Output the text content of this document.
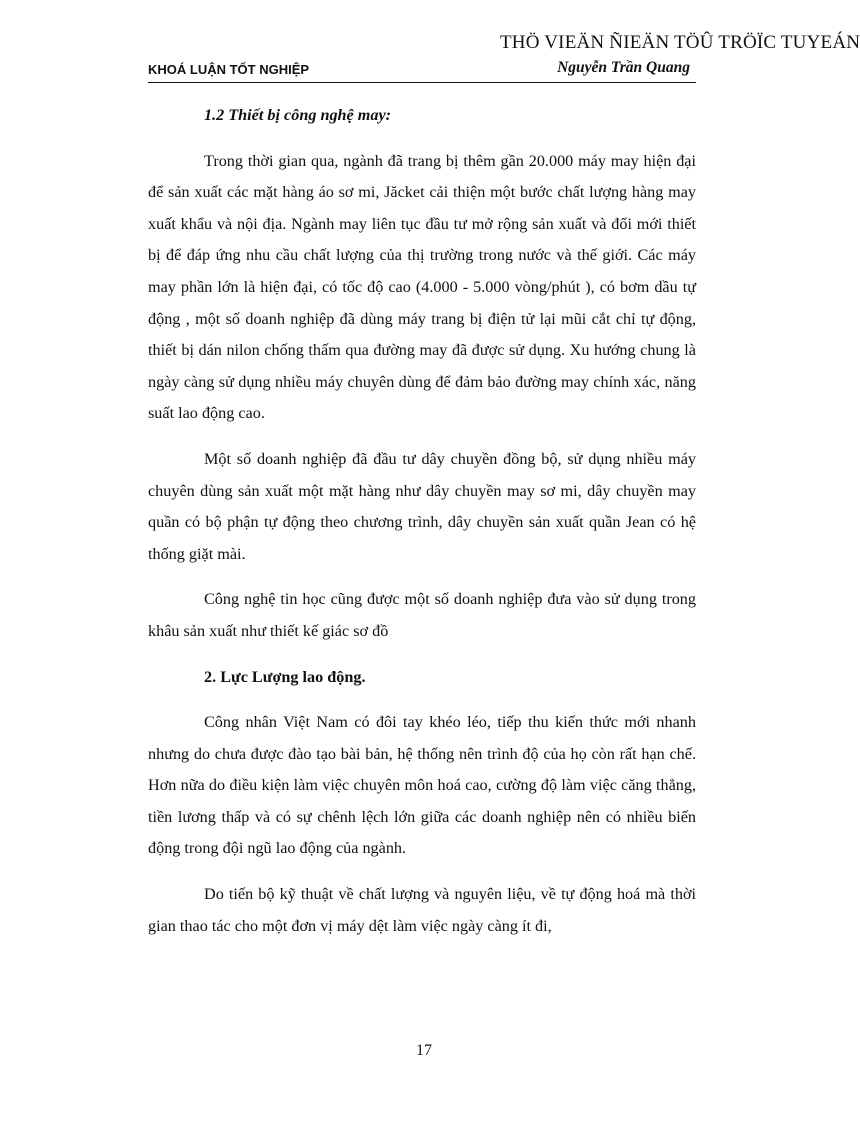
THÖ VIEÄN ÑIEÄN TÖÛ TRÖÏC TUYEÁN
KHOÁ LUẬN TỐT NGHIỆP	Nguyễn Trần Quang
1.2 Thiết bị công nghệ may:

Trong thời gian qua, ngành đã trang bị thêm gần 20.000 máy may hiện đại để sản xuất các mặt hàng áo sơ mi, Jăcket cải thiện một bước chất lượng hàng may xuất khẩu và nội địa. Ngành may liên tục đầu tư mở rộng sản xuất và đổi mới thiết bị để đáp ứng nhu cầu chất lượng của thị trường trong nước và thế giới. Các máy may phần lớn là hiện đại, có tốc độ cao (4.000 - 5.000 vòng/phút ), có bơm dầu tự động , một số doanh nghiệp đã dùng máy trang bị điện tử lại mũi cắt chỉ tự động, thiết bị dán nilon chống thấm qua đường may đã được sử dụng. Xu hướng chung là ngày càng sử dụng nhiều máy chuyên dùng để đảm bảo đường may chính xác, năng suất lao động cao.

Một số doanh nghiệp đã đầu tư dây chuyền đồng bộ, sử dụng nhiều máy chuyên dùng sản xuất một mặt hàng như dây chuyền may sơ mi, dây chuyền may quần có bộ phận tự động theo chương trình, dây chuyền sản xuất quần Jean có hệ thống giặt mài.

Công nghệ tin học cũng được một số doanh nghiệp đưa vào sử dụng trong khâu sản xuất như thiết kế giác sơ đồ

2. Lực Lượng lao động.

Công nhân Việt Nam có đôi tay khéo léo, tiếp thu kiến thức mới nhanh nhưng do chưa được đào tạo bài bản, hệ thống nên trình độ của họ còn rất hạn chế. Hơn nữa do điều kiện làm việc chuyên môn hoá cao, cường độ làm việc căng thẳng, tiền lương thấp và có sự chênh lệch lớn giữa các doanh nghiệp nên có nhiều biến động trong đội ngũ lao động của ngành.

Do tiến bộ kỹ thuật về chất lượng và nguyên liệu, về tự động hoá mà thời gian thao tác cho một đơn vị máy dệt làm việc ngày càng ít đi,

17
